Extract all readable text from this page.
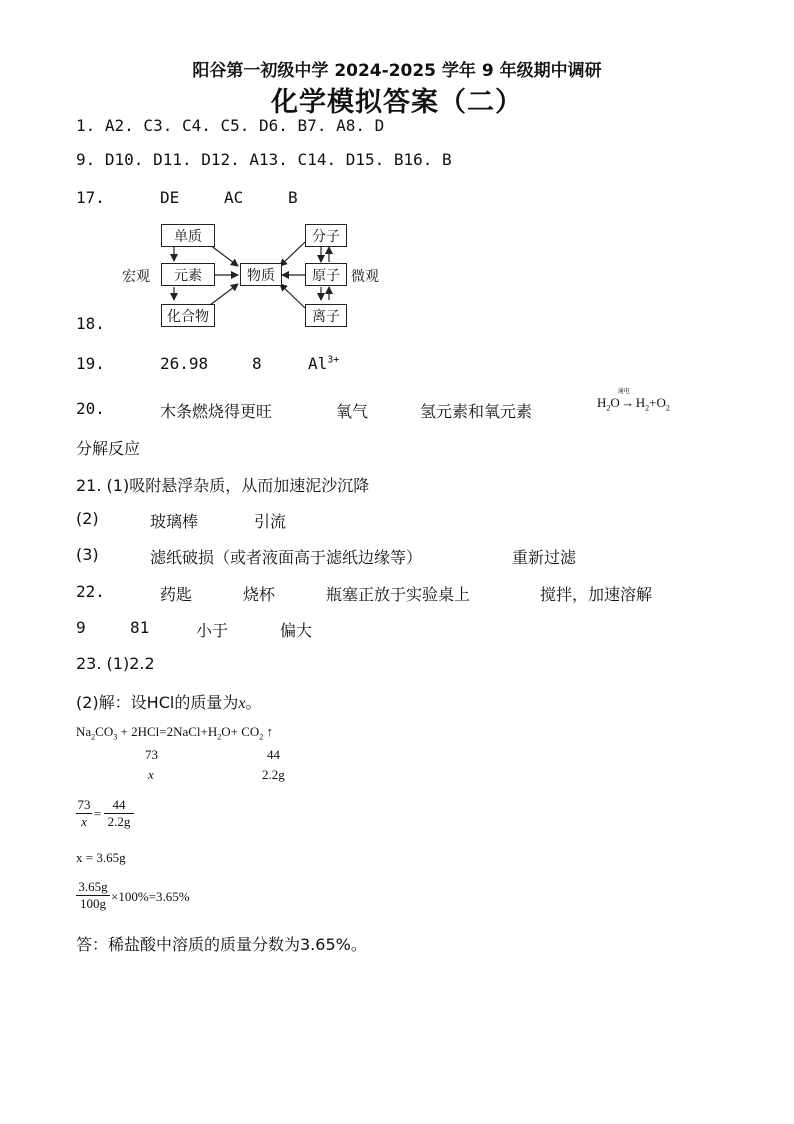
阳谷第一初级中学 2024-2025 学年 9 年级期中调研
化学模拟答案（二）
1. A2. C3. C4. C5. D6. B7. A8. D
9. D10. D11. D12. A13. C14. D15. B16. B
17.	DE	AC	B
18.
单质
元素
化合物
物质
分子
原子
离子
宏观	微观
19.	26.98	8	$Al^{3+}$
20.	木条燃烧得更旺	氧气	氢元素和氧元素	$H_2O$
通电
→ $H_2+O_2$
分解反应
21. (1)吸附悬浮杂质，从而加速泥沙沉降
(2)	玻璃棒	引流
(3)	滤纸破损（或者液面高于滤纸边缘等）	重新过滤
22.	药匙	烧杯	瓶塞正放于实验桌上	搅拌，加速溶解
9	81	小于	偏大
23. (1)2.2
(2)解：设HCl的质量为x。
$Na_2CO_3$ + $2HCl=2NaCl+H_2O+ CO_2$ ↑
73	44
x	2.2g
73
x
=
44
2.2g
x = 3.65g
3.65g
100g ×100%=3.65%
答：稀盐酸中溶质的质量分数为3.65%。
